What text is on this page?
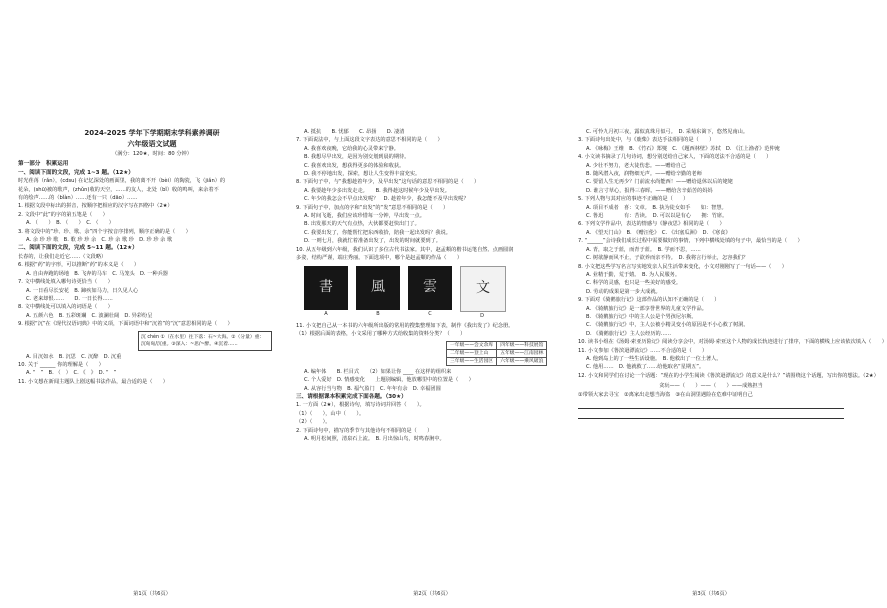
2024-2025 学年下学期期末学科素养调研
六年级语文试题
（满分：120★，时间：80 分钟）
第一部分　积累运用
一、阅读下面的文段，完成 1~3 题。（12★）
时光荏苒（rǎn），(cdsu) 在记忆深处的画面里，我的离不开（bèi）的陶瓷，飞（jiǎn）的
花朵，(shū)被的歌声，(zhǔn)收的天空，……的友人，北处（bǐ）收的鸣叫，来余着不
有的绘声……的（bǐàn）……还有一只（dāo）……
1. 根据文段中标出的拼音，按顺序把相应的汉字写在四格中（2★）
2. 文段中“此”的字的第五笔是（　　）
A. （　　）　B. （　　）　C. （　　）
3. 将文段中的“珍、珍、歌、余”四个字按音序排列，顺序正确的是（　　）
A. 余 珍 珍 歌　B. 歌 珍 珍 余　C. 珍 余 歌 珍　D. 珍 珍 余 歌
二、阅读下面的文段，完成 5~11 题。（12★）
长春的，让我们走近它……（文段略）
6. 根据“药”的字形，可以推断“药”的本义是（　　）
A. 自由奔跑的场地　B. 飞奔的马车　C. 马笼头　D. 一种兵器
7. 文中横线处填入哪句诗更恰当（　　）
A. 一日看尽长安花　B. 蹄疾如马力，日久见人心
C. 老来却恨……　　D. 一日长得……
8. 文中横线处可以填入的词语是（　　）
A. 五颜六色　B. 五彩斑斓　C. 波澜壮阔　D. 异彩纷呈
9. 根据“沉”在《现代汉语词典》中的义项，下面词语中和“沉着”的“沉”意思相同的是（　　）
沉 chén ①（在水里）往下落：石~大海。②（分量）重：沉甸甸/沉重。③深入：~思/~醉。④沉着……
A. 目沉如水　B. 沉思　C. 沉醉　D. 沉重
10. 关于 ______ 你的理解是（　　）
A. “　”　B. （　）　C. 《　》　D. “　”
11. 小文想在新闻主题队上剧这幅书法作品，最合适的是（　　）
第1页（共6页）
A. 抵抗　　B. 忧郁　　C. 昂扬　　D. 凄清
7. 下面说法中，与上面这段文字表达的意思不相同的是（　　）
A. 我喜欢夜晚，它给我的心灵带来宁静。
B. 我想尽早出发，是因为别交划到晨的期待。
C. 我喜欢出发，想获得更多的体验和收获。
D. 我不停地出发，探索，想让人生变得丰富充实。
8. 下面句子中，与“我想趁着年少，及早出发”这句话的意思不相同的是（　　）
A. 我要趁年少多出发走走。　　B. 我得趁这时候年少及早出发。
C. 年少的我怎会不早点出发呢？　D. 趁着年少，我怎能不及早出发呢？
9. 下面句子中，加点的字和“出发”的“发”意思不相同的是（　　）
A. 时间飞逝，我们应该珍惜每一分钟，早出发一点。
B. 出发那天的天气有点热，大伙都要赶快出门了。
C. 我要出发了，你能帮忙把东西收拾，陪我一起出发吗？我说。
D. 一则七月，我就忙着准备出发了，出发的时间就要到了。
10. 从五年级到六年级，我们认识了多位古代书法家。其中，赵孟頫的楷书运笔自然、点画圆润
多姿，结构严谨，端庄秀丽。下面选项中，哪个是赵孟頫的作品（　　）
書
A
風
B
雲
C
文
D
11. 小文把自己从一本书的六年级所出版的常用的搜集整理如下表，制作《我出发了》纪念册。
（1）根据后面的表格，小文采用了哪种方式给收集的资料分类？（　　）
一年级——会文余库	四年级——科技展馆
二年级——登上山	五年级——江南园林
三年级——生活园区	六年级——乘风破浪
A. 编年体　　B. 栏目式　　（2）如果让你 ____ 在这样的组织来
C. 个人爱好　D. 情感变化　　上题别编辑，他放哪里中的位置是（　　）
A. 从容行当与物　B. 福气盈门　C. 年年有余　D. 幸福团圆
三、请根据课本积累完成下面各题。（30★）
1. 一方面（2★），根据诗句，填写诗词并回答（　　）。
（1）（　　），山中（　　）。
（2）（　　）。
2. 下面诗句中，描写的季节与其他诗句不相同的是（　　）
A. 明月松间照，清泉石上流。　B. 月出惊山鸟，时鸣春涧中。
第2页（共6页）
C. 可怜九月初三夜，露似真珠月似弓。　D. 采菊东篱下，悠然见南山。
3. 下面诗句出处中，与《鹿柴》表达手法相同的是（　　）
A. 《咏梅》王维　B. 《竹石》郑燮　C. 《题西林壁》苏轼　D. 《江上渔者》范仲淹
4. 小文读书摘录了几句诗词，想分别送给自己家人，下面的送法不合适的是（　　）
A. 少壮不努力，老大徒伤悲。——赠给自己
B. 随风潜入夜，润物细无声。——赠给辛勤的老师
C. 要留人生无再少？门前流水尚能西！——赠给退休以后的姥姥
D. 谁言寸草心，报得三春晖。——赠给含辛茹苦的妈妈
5. 下列人物与其对应的事迹不正确的是（　　）
A. 项目不成者　喜：文章。　B. 执为徒女如手　　如：智慧。
C. 鲁迅　　　　有：苦读。　D. 可以以是有心　　拥：竹席。
6. 下列文学作品中，表达的情感与《静夜思》相同的是（　　）
A. 《望天门山》　B. 《赠汪伦》　C. 《出塞瓜洲》　D. 《寒食》
7. “______”会诗我们成长过程中需要做好的事情，下列中横线处填的句子中，最恰当的是（　　）
A. 青，取之于蓝，而青于蓝。　B. 学而不思，……
C. 树欲静而风不止，子欲养而亲不待。　D. 我将言行举止，怎容我们？
8. 小文把这些学写名言写实地发亲人民生活带来变化，小文对刚刚写了一句话——（　　）
A. 业精于勤，荒于嬉。　B. 为人民服务。
C. 科学的灵感，也只是一些美好的感受。
D. 劳动的成果是第一步大成就。
9. 下面对《骑鹅旅行记》这部作品的认知不正确的是（　　）
A. 《骑鹅旅行记》是一部享誉世界的儿童文学作品。
B. 《骑鹅旅行记》中的主人公是个男孩尼尔斯。
C. 《骑鹅旅行记》中，主人公被小精灵变小的原因是不小心救了树洞。
D. 《骑鹅旅行记》主人公经历的……
10. 读书小组在《汤姆·索亚历险记》阅读分享会中，对汤姆·索亚这个人物的成长轨迹进行了排序，下面的横线上应该依次填入（　　）
11. 小文参加《鲁滨逊漂流记》……不合适的是（　　）
A. 他到岛上的了一些生活设施。　B. 他救出了一位土著人。
C. 他用……　D. 他就救了……给他取名“星期五”。
12. 小文和同学们在讨论一个话题：“现在的小学生阅读《鲁滨逊漂流记》的意义是什么？”请围绕这个话题，写出你的想法。（2★）
贪玩——（　　）——（　　）——成熟担当
①带领大家去寻宝　②离家出走想当海盗　③在山洞里遇险在危难中证明自己
第3页（共6页）
